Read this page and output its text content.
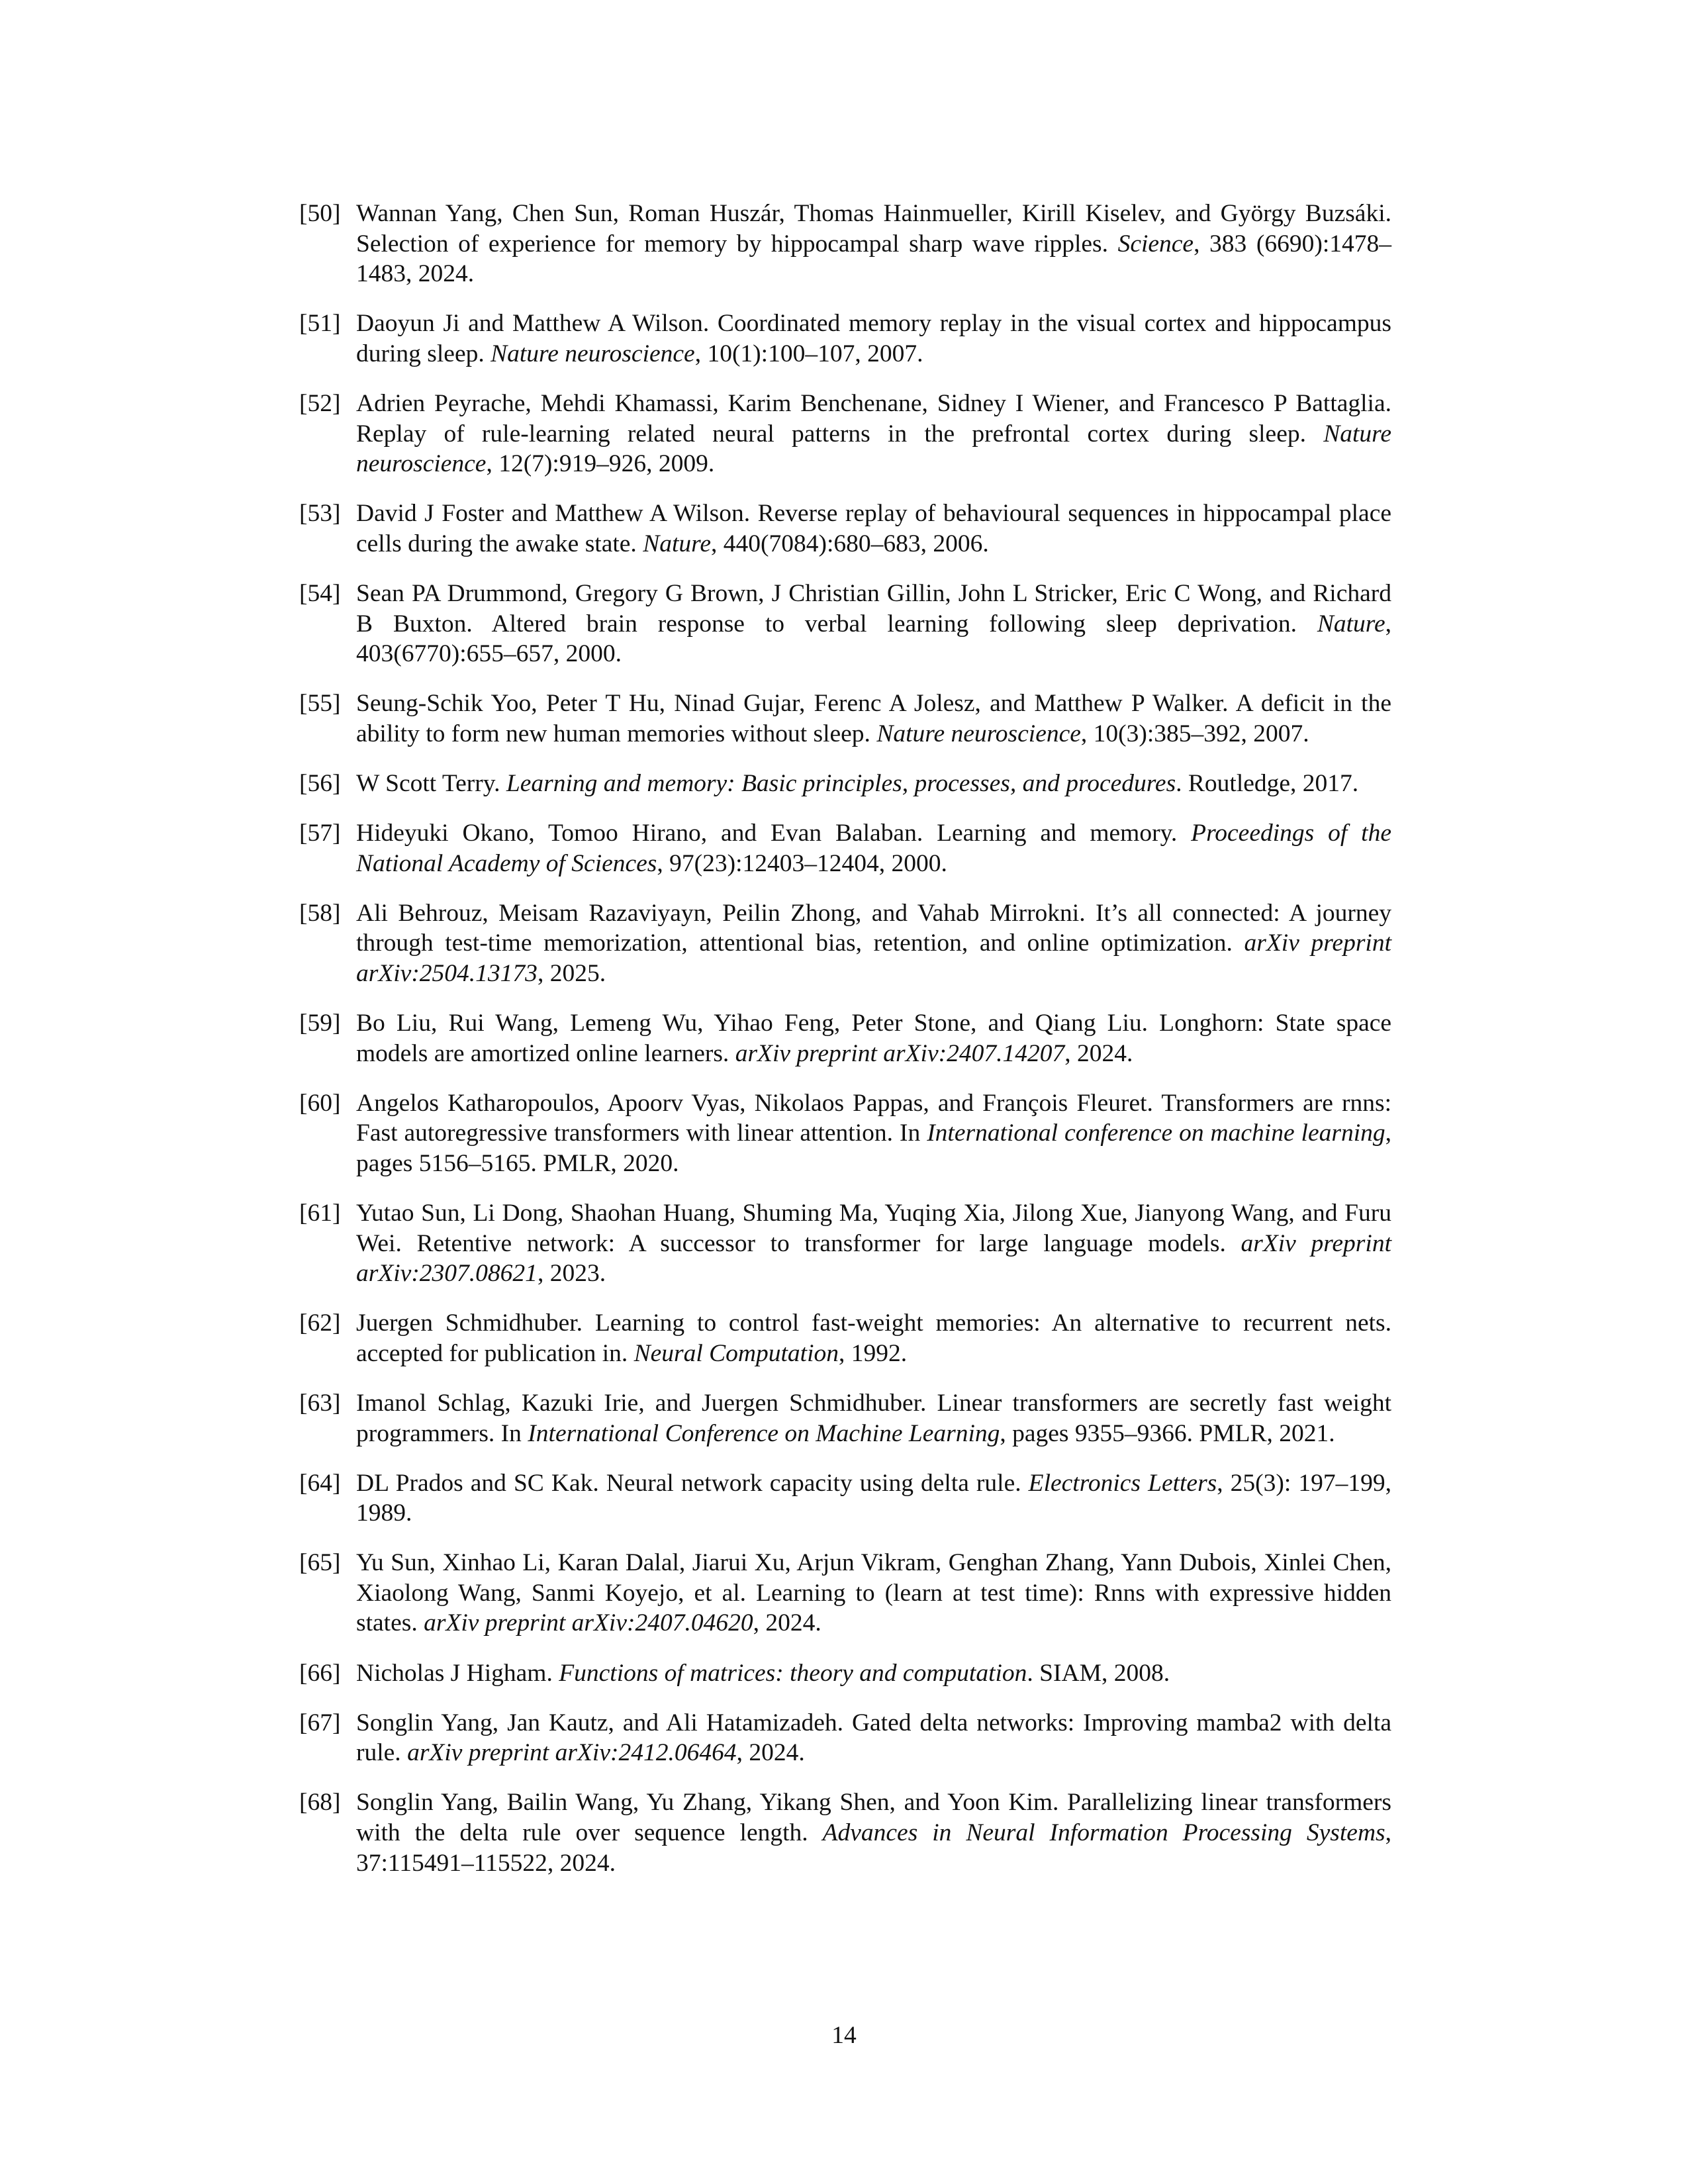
[50] Wannan Yang, Chen Sun, Roman Huszár, Thomas Hainmueller, Kirill Kiselev, and György Buzsáki. Selection of experience for memory by hippocampal sharp wave ripples. Science, 383 (6690):1478–1483, 2024.
[51] Daoyun Ji and Matthew A Wilson. Coordinated memory replay in the visual cortex and hippocampus during sleep. Nature neuroscience, 10(1):100–107, 2007.
[52] Adrien Peyrache, Mehdi Khamassi, Karim Benchenane, Sidney I Wiener, and Francesco P Battaglia. Replay of rule-learning related neural patterns in the prefrontal cortex during sleep. Nature neuroscience, 12(7):919–926, 2009.
[53] David J Foster and Matthew A Wilson. Reverse replay of behavioural sequences in hippocampal place cells during the awake state. Nature, 440(7084):680–683, 2006.
[54] Sean PA Drummond, Gregory G Brown, J Christian Gillin, John L Stricker, Eric C Wong, and Richard B Buxton. Altered brain response to verbal learning following sleep deprivation. Nature, 403(6770):655–657, 2000.
[55] Seung-Schik Yoo, Peter T Hu, Ninad Gujar, Ferenc A Jolesz, and Matthew P Walker. A deficit in the ability to form new human memories without sleep. Nature neuroscience, 10(3):385–392, 2007.
[56] W Scott Terry. Learning and memory: Basic principles, processes, and procedures. Routledge, 2017.
[57] Hideyuki Okano, Tomoo Hirano, and Evan Balaban. Learning and memory. Proceedings of the National Academy of Sciences, 97(23):12403–12404, 2000.
[58] Ali Behrouz, Meisam Razaviyayn, Peilin Zhong, and Vahab Mirrokni. It’s all connected: A journey through test-time memorization, attentional bias, retention, and online optimization. arXiv preprint arXiv:2504.13173, 2025.
[59] Bo Liu, Rui Wang, Lemeng Wu, Yihao Feng, Peter Stone, and Qiang Liu. Longhorn: State space models are amortized online learners. arXiv preprint arXiv:2407.14207, 2024.
[60] Angelos Katharopoulos, Apoorv Vyas, Nikolaos Pappas, and François Fleuret. Transformers are rnns: Fast autoregressive transformers with linear attention. In International conference on machine learning, pages 5156–5165. PMLR, 2020.
[61] Yutao Sun, Li Dong, Shaohan Huang, Shuming Ma, Yuqing Xia, Jilong Xue, Jianyong Wang, and Furu Wei. Retentive network: A successor to transformer for large language models. arXiv preprint arXiv:2307.08621, 2023.
[62] Juergen Schmidhuber. Learning to control fast-weight memories: An alternative to recurrent nets. accepted for publication in. Neural Computation, 1992.
[63] Imanol Schlag, Kazuki Irie, and Juergen Schmidhuber. Linear transformers are secretly fast weight programmers. In International Conference on Machine Learning, pages 9355–9366. PMLR, 2021.
[64] DL Prados and SC Kak. Neural network capacity using delta rule. Electronics Letters, 25(3): 197–199, 1989.
[65] Yu Sun, Xinhao Li, Karan Dalal, Jiarui Xu, Arjun Vikram, Genghan Zhang, Yann Dubois, Xinlei Chen, Xiaolong Wang, Sanmi Koyejo, et al. Learning to (learn at test time): Rnns with expressive hidden states. arXiv preprint arXiv:2407.04620, 2024.
[66] Nicholas J Higham. Functions of matrices: theory and computation. SIAM, 2008.
[67] Songlin Yang, Jan Kautz, and Ali Hatamizadeh. Gated delta networks: Improving mamba2 with delta rule. arXiv preprint arXiv:2412.06464, 2024.
[68] Songlin Yang, Bailin Wang, Yu Zhang, Yikang Shen, and Yoon Kim. Parallelizing linear transformers with the delta rule over sequence length. Advances in Neural Information Processing Systems, 37:115491–115522, 2024.
14
